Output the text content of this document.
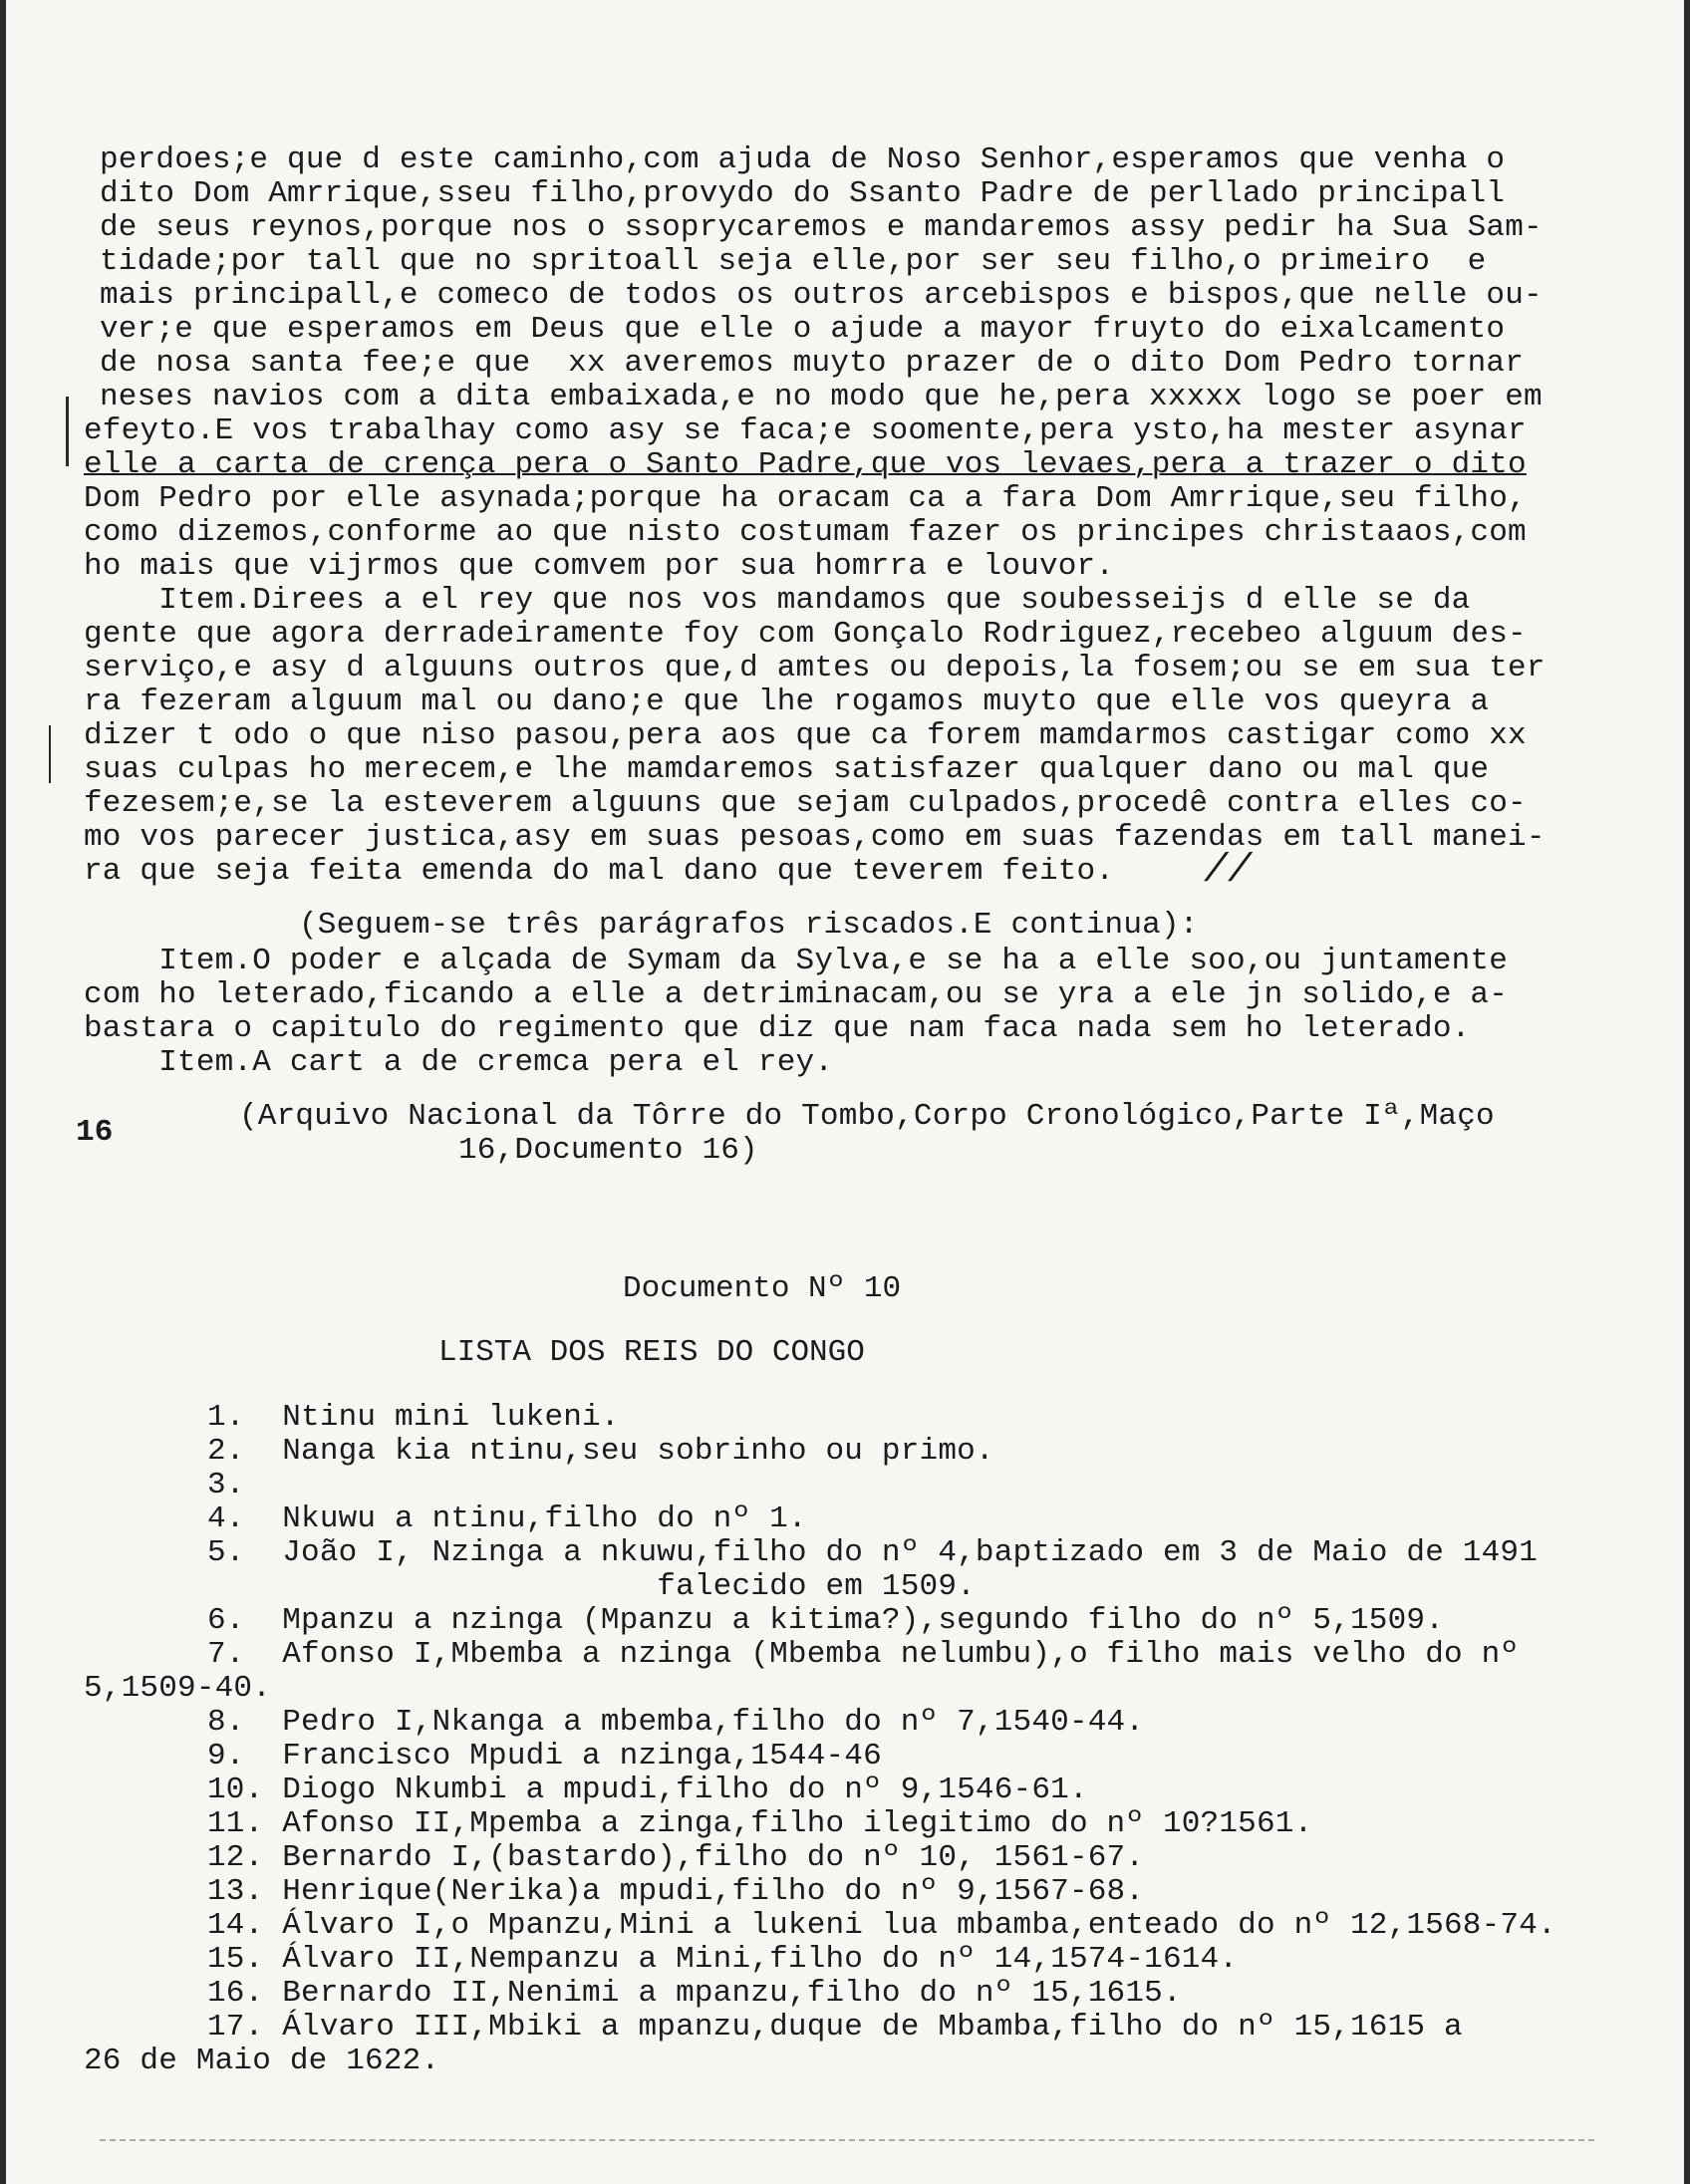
perdoes;e que d este caminho,com ajuda de Noso Senhor,esperamos que venha o
dito Dom Amrrique,sseu filho,provydo do Ssanto Padre de perllado principall
de seus reynos,porque nos o ssoprycaremos e mandaremos assy pedir ha Sua Sam-
tidade;por tall que no spritoall seja elle,por ser seu filho,o primeiro  e
mais principall,e comeco de todos os outros arcebispos e bispos,que nelle ou-
ver;e que esperamos em Deus que elle o ajude a mayor fruyto do eixalcamento
de nosa santa fee;e que  xx averemos muyto prazer de o dito Dom Pedro tornar
neses navios com a dita embaixada,e no modo que he,pera xxxxx logo se poer em
efeyto.E vos trabalhay como asy se faca;e soomente,pera ysto,ha mester asynar
elle a carta de crença pera o Santo Padre,que vos levaes,pera a trazer o dito
Dom Pedro por elle asynada;porque ha oracam ca a fara Dom Amrrique,seu filho,
como dizemos,conforme ao que nisto costumam fazer os principes christaaos,com
ho mais que vijrmos que comvem por sua homrra e louvor.
Item.Direes a el rey que nos vos mandamos que soubesseijs d elle se da
gente que agora derradeiramente foy com Gonçalo Rodriguez,recebeo alguum des-
serviço,e asy d alguuns outros que,d amtes ou depois,la fosem;ou se em sua ter
ra fezeram alguum mal ou dano;e que lhe rogamos muyto que elle vos queyra a
dizer t odo o que niso pasou,pera aos que ca forem mamdarmos castigar como xx
suas culpas ho merecem,e lhe mamdaremos satisfazer qualquer dano ou mal que
fezesem;e,se la esteverem alguuns que sejam culpados,procedê contra elles co-
mo vos parecer justica,asy em suas pesoas,como em suas fazendas em tall manei-
ra que seja feita emenda do mal dano que teverem feito. //
(Seguem-se três parágrafos riscados.E continua):
Item.O poder e alçada de Symam da Sylva,e se ha a elle soo,ou juntamente
com ho leterado,ficando a elle a detriminacam,ou se yra a ele jn solido,e a-
bastara o capitulo do regimento que diz que nam faca nada sem ho leterado.
Item.A cart a de cremca pera el rey.
16	(Arquivo Nacional da Tôrre do Tombo,Corpo Cronológico,Parte Iª,Maço
16,Documento 16)
Documento Nº 10
LISTA DOS REIS DO CONGO
1.  Ntinu mini lukeni.
2.  Nanga kia ntinu,seu sobrinho ou primo.
3.
4.  Nkuwu a ntinu,filho do nº 1.
5.  João I, Nzinga a nkuwu,filho do nº 4,baptizado em 3 de Maio de 1491
falecido em 1509.
6.  Mpanzu a nzinga (Mpanzu a kitima?),segundo filho do nº 5,1509.
7.  Afonso I,Mbemba a nzinga (Mbemba nelumbu),o filho mais velho do nº
5,1509-40.
8.  Pedro I,Nkanga a mbemba,filho do nº 7,1540-44.
9.  Francisco Mpudi a nzinga,1544-46
10. Diogo Nkumbi a mpudi,filho do nº 9,1546-61.
11. Afonso II,Mpemba a zinga,filho ilegitimo do nº 10?1561.
12. Bernardo I,(bastardo),filho do nº 10, 1561-67.
13. Henrique(Nerika)a mpudi,filho do nº 9,1567-68.
14. Álvaro I,o Mpanzu,Mini a lukeni lua mbamba,enteado do nº 12,1568-74.
15. Álvaro II,Nempanzu a Mini,filho do nº 14,1574-1614.
16. Bernardo II,Nenimi a mpanzu,filho do nº 15,1615.
17. Álvaro III,Mbiki a mpanzu,duque de Mbamba,filho do nº 15,1615 a
26 de Maio de 1622.
